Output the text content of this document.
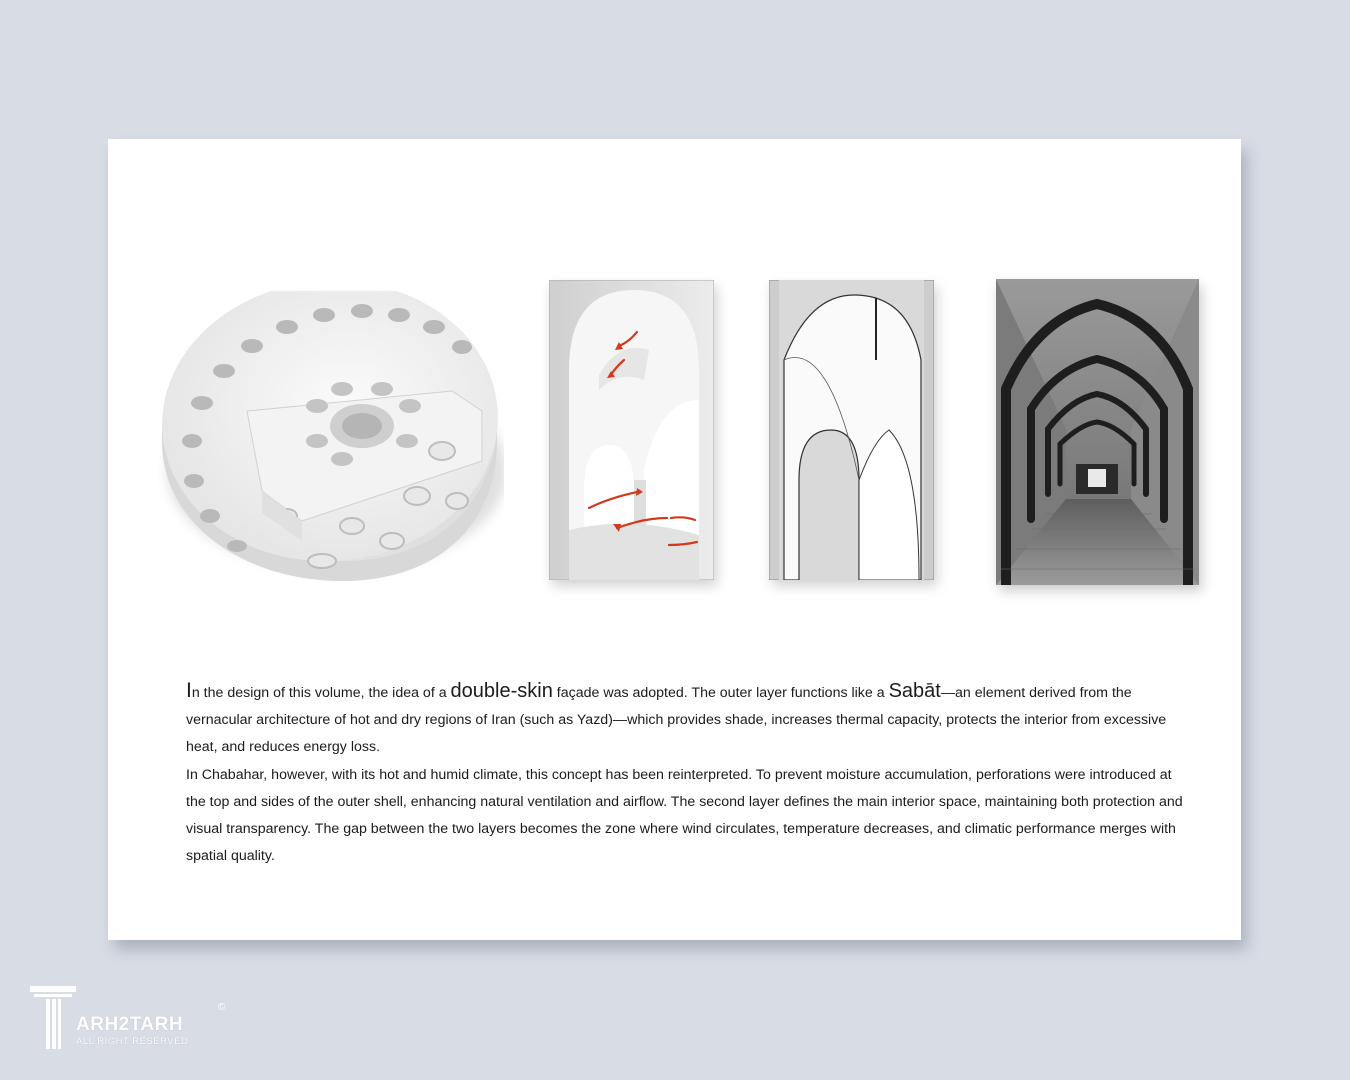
In the design of this volume, the idea of a double-skin façade was adopted. The outer layer functions like a Sabāt—an element derived from the vernacular architecture of hot and dry regions of Iran (such as Yazd)—which provides shade, increases thermal capacity, protects the interior from excessive heat, and reduces energy loss.

In Chabahar, however, with its hot and humid climate, this concept has been reinterpreted. To prevent moisture accumulation, perforations were introduced at the top and sides of the outer shell, enhancing natural ventilation and airflow. The second layer defines the main interior space, maintaining both protection and visual transparency. The gap between the two layers becomes the zone where wind circulates, temperature decreases, and climatic performance merges with spatial quality.

ARH2TARH
ALL RIGHT RESERVED
©
